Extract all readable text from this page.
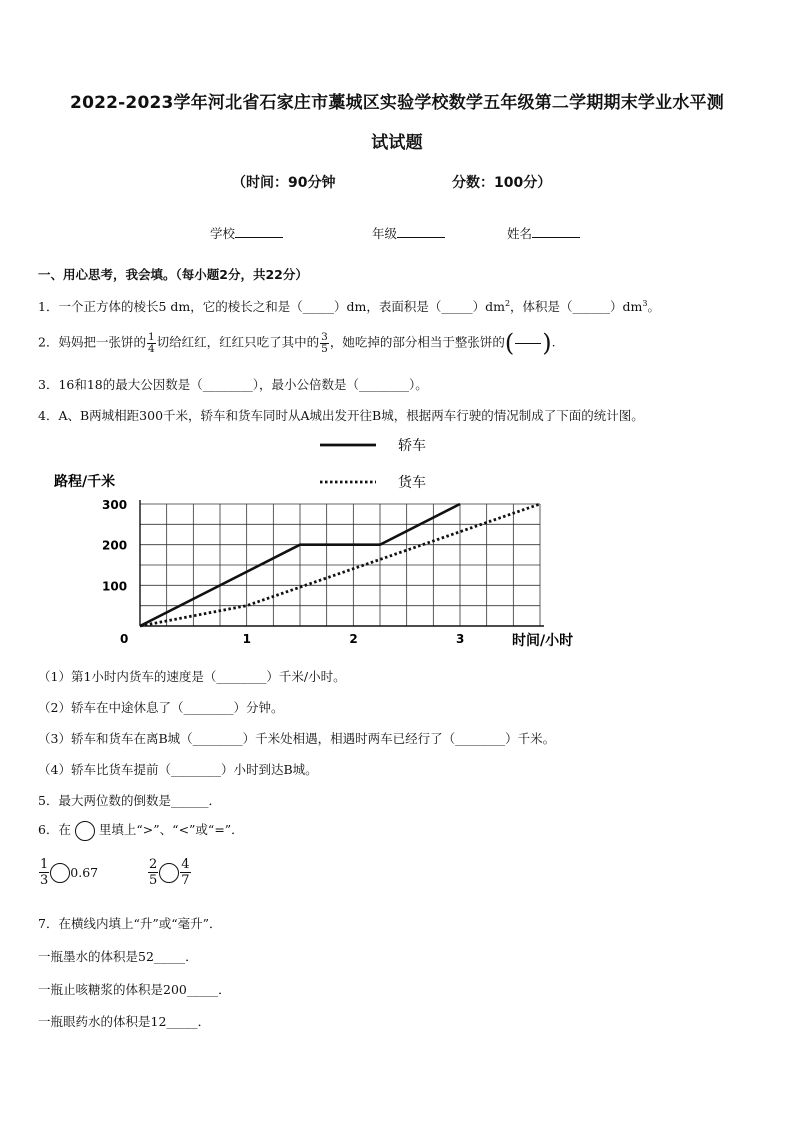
2022-2023学年河北省石家庄市藁城区实验学校数学五年级第二学期期末学业水平测
试试题
（时间：90分钟	分数：100分）
学校	年级	姓名
一、用心思考，我会填。（每小题2分，共22分）
1．一个正方体的棱长5 dm，它的棱长之和是（_____）dm，表面积是$(\_\_\_\_\_)dm^2$，体积是$(\_\_\_\_\_\_)dm^3$。
2．妈妈把一张饼的 $\frac{1}{4}$ 切给红红，红红只吃了其中的 $\frac{3}{5}$ ，她吃掉的部分相当于整张饼的 ( ) .
3．16和18的最大公因数是（________），最小公倍数是（________）。
4．A、B两城相距300千米，轿车和货车同时从A城出发开往B城，根据两车行驶的情况制成了下面的统计图。
0	1	2	3
100
200
300
轿车
货车
路程/千米
时间/小时
（1）第1小时内货车的速度是（________）千米/小时。
（2）轿车在中途休息了（________）分钟。
（3）轿车和货车在离B城（________）千米处相遇，相遇时两车已经行了（________）千米。
（4）轿车比货车提前（________）小时到达B城。
5．最大两位数的倒数是______．
6．在 里填上“>”、“<”或“=”．
$\frac{1}{3} 0.67$	$\frac{2}{5} \frac{4}{7}$
7．在横线内填上“升”或“毫升”．
一瓶墨水的体积是52_____．
一瓶止咳糖浆的体积是200_____．
一瓶眼药水的体积是12_____．
